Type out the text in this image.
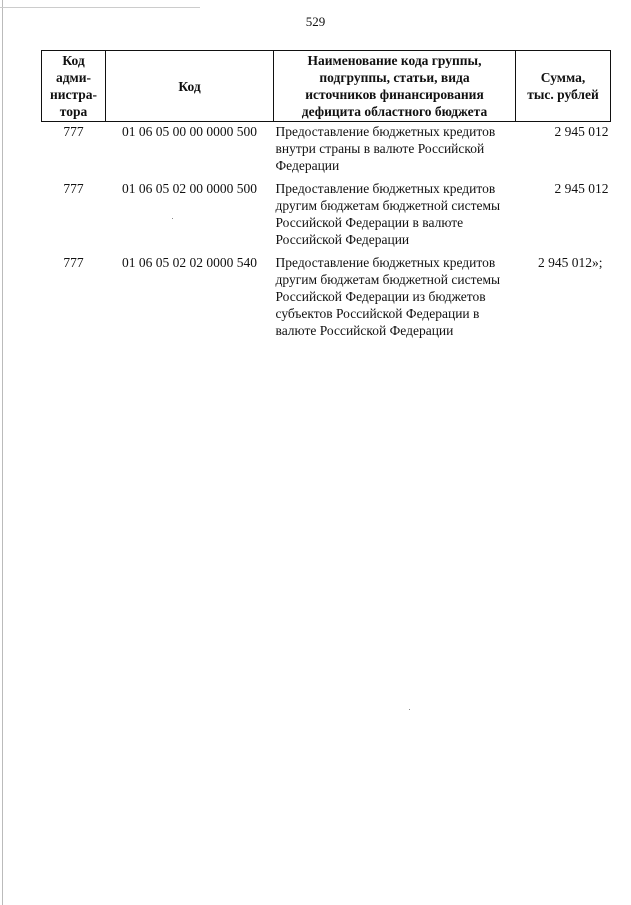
529
Код
адми-
нистра-
тора	Код	Наименование кода группы,
подгруппы, статьи, вида
источников финансирования
дефицита областного бюджета	Сумма,
тыс. рублей
777	01 06 05 00 00 0000 500	Предоставление бюджетных кредитов внутри страны в валюте Российской Федерации	2 945 012
777	01 06 05 02 00 0000 500	Предоставление бюджетных кредитов другим бюджетам бюджетной системы Российской Федерации в валюте Российской Федерации	2 945 012
777	01 06 05 02 02 0000 540	Предоставление бюджетных кредитов другим бюджетам бюджетной системы Российской Федерации из бюджетов субъектов Российской Федерации в валюте Российской Федерации	2 945 012»;
